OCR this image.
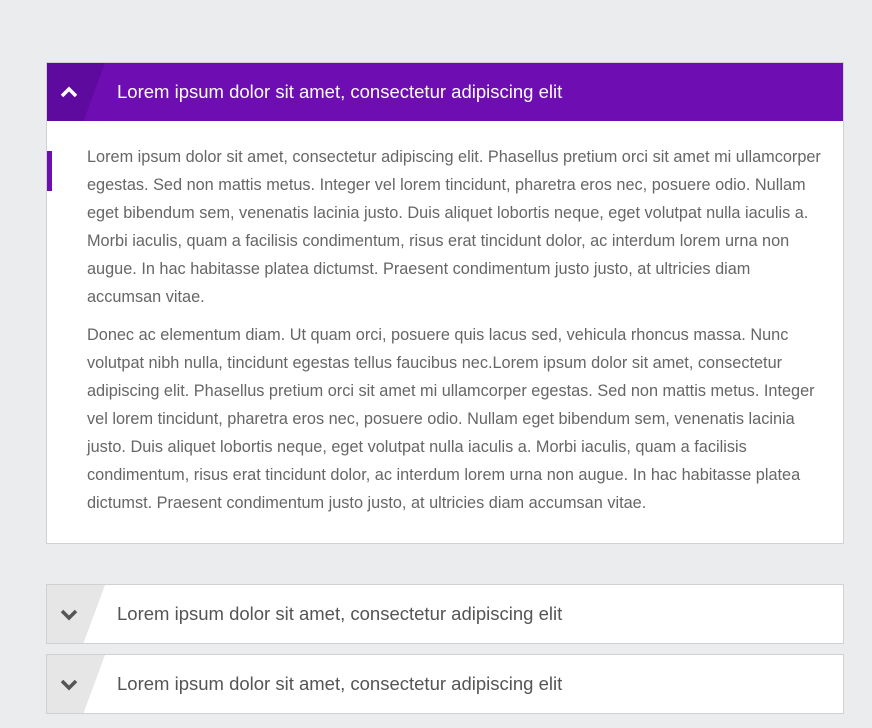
Lorem ipsum dolor sit amet, consectetur adipiscing elit

Lorem ipsum dolor sit amet, consectetur adipiscing elit. Phasellus pretium orci sit amet mi ullamcorper egestas. Sed non mattis metus. Integer vel lorem tincidunt, pharetra eros nec, posuere odio. Nullam eget bibendum sem, venenatis lacinia justo. Duis aliquet lobortis neque, eget volutpat nulla iaculis a. Morbi iaculis, quam a facilisis condimentum, risus erat tincidunt dolor, ac interdum lorem urna non augue. In hac habitasse platea dictumst. Praesent condimentum justo justo, at ultricies diam accumsan vitae.

Donec ac elementum diam. Ut quam orci, posuere quis lacus sed, vehicula rhoncus massa. Nunc volutpat nibh nulla, tincidunt egestas tellus faucibus nec.Lorem ipsum dolor sit amet, consectetur adipiscing elit. Phasellus pretium orci sit amet mi ullamcorper egestas. Sed non mattis metus. Integer vel lorem tincidunt, pharetra eros nec, posuere odio. Nullam eget bibendum sem, venenatis lacinia justo. Duis aliquet lobortis neque, eget volutpat nulla iaculis a. Morbi iaculis, quam a facilisis condimentum, risus erat tincidunt dolor, ac interdum lorem urna non augue. In hac habitasse platea dictumst. Praesent condimentum justo justo, at ultricies diam accumsan vitae.

Lorem ipsum dolor sit amet, consectetur adipiscing elit
Lorem ipsum dolor sit amet, consectetur adipiscing elit
